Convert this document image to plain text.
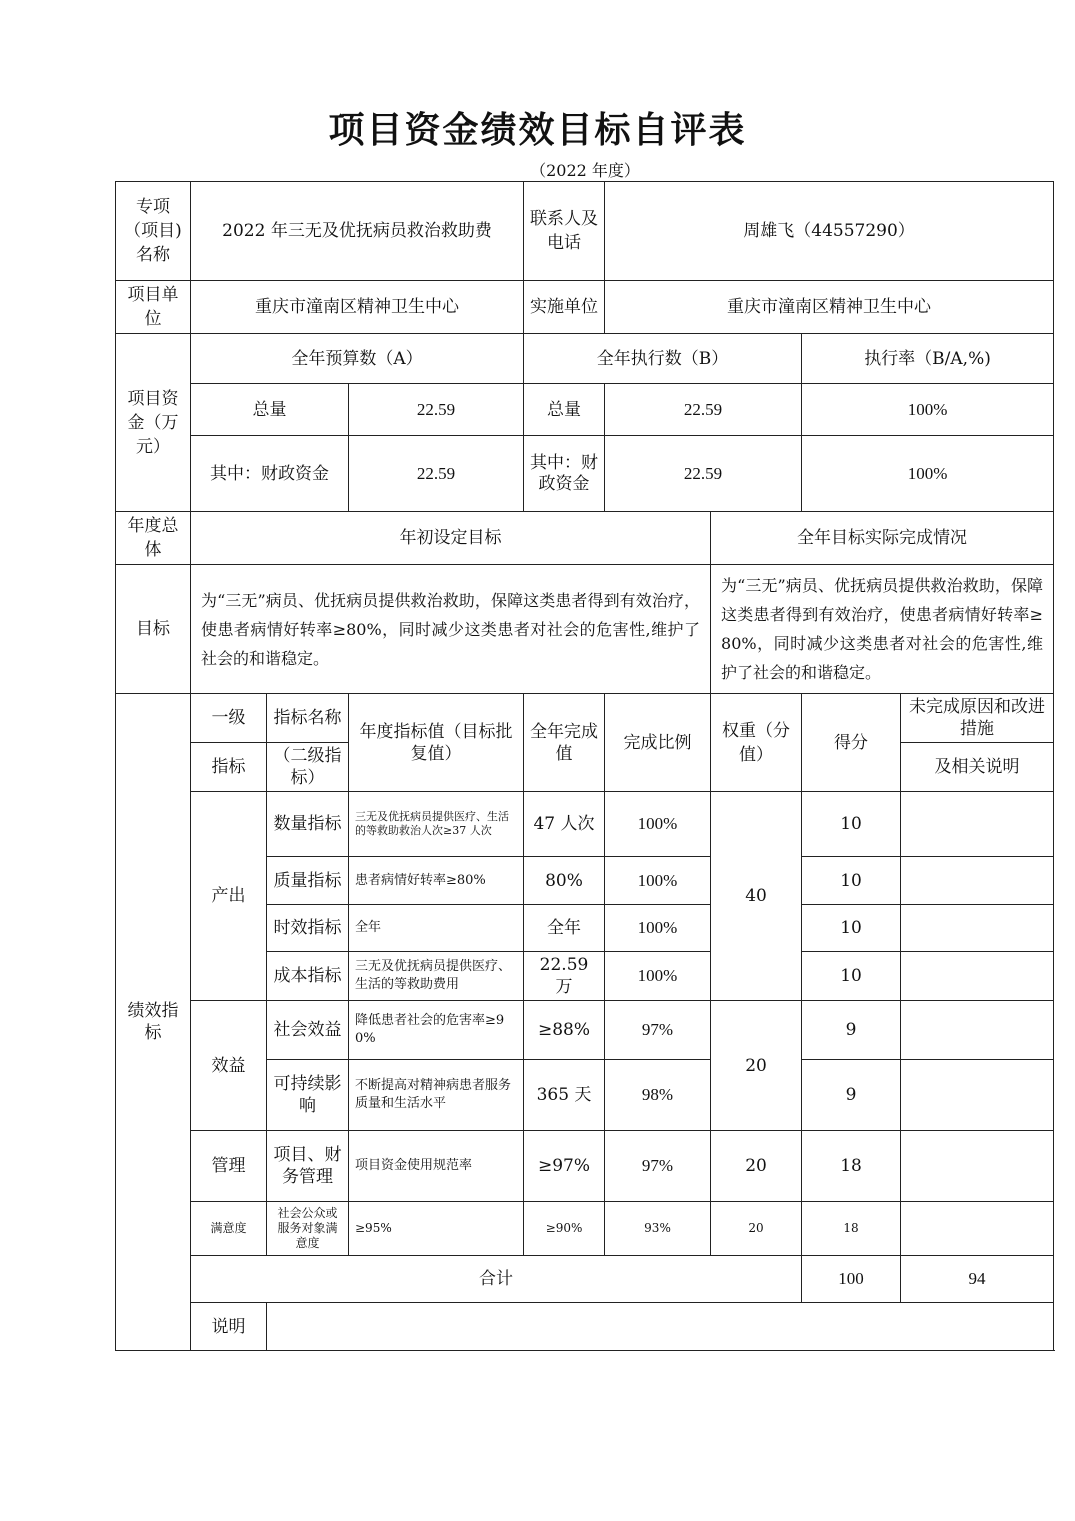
项目资金绩效目标自评表
（2022 年度）
专项（项目)名称	2022 年三无及优抚病员救治救助费			联系人及电话	周雄飞（44557290）				
项目单位	重庆市潼南区精神卫生中心			实施单位	重庆市潼南区精神卫生中心				
项目资金（万元）	全年预算数（A）			全年执行数（B）			执行率（B/A,%)		
	总量		22.59	总量	22.59		100%		
	其中：财政资金		22.59	其中：财政资金	22.59		100%		
年度总体	年初设定目标					全年目标实际完成情况			
目标	为“三无”病员、优抚病员提供救治救助，保障这类患者得到有效治疗，使患者病情好转率≥80%，同时减少这类患者对社会的危害性,维护了社会的和谐稳定。					为“三无”病员、优抚病员提供救治救助，保障这类患者得到有效治疗，使患者病情好转率≥80%，同时减少这类患者对社会的危害性,维护了社会的和谐稳定。			
绩效指标	一级	指标名称	年度指标值（目标批复值）	全年完成值	完成比例	权重（分值）	得分	未完成原因和改进措施	
	指标	（二级指标）						及相关说明	
	产出	数量指标	三无及优抚病员提供医疗、生活的等救助救治人次≥37 人次	47 人次	100%	40	10		
		质量指标	患者病情好转率≥80%	80%	100%		10		
		时效指标	全年	全年	100%		10		
		成本指标	三无及优抚病员提供医疗、生活的等救助费用	22.59 万	100%		10		
	效益	社会效益	降低患者社会的危害率≥90%	≥88%	97%	20	9		
		可持续影响	不断提高对精神病患者服务质量和生活水平	365 天	98%		9		
	管理	项目、财务管理	项目资金使用规范率	≥97%	97%	20	18		
	满意度	社会公众或服务对象满意度	≥95%	≥90%	93%	20	18		
	合计						100	94	
	说明								
